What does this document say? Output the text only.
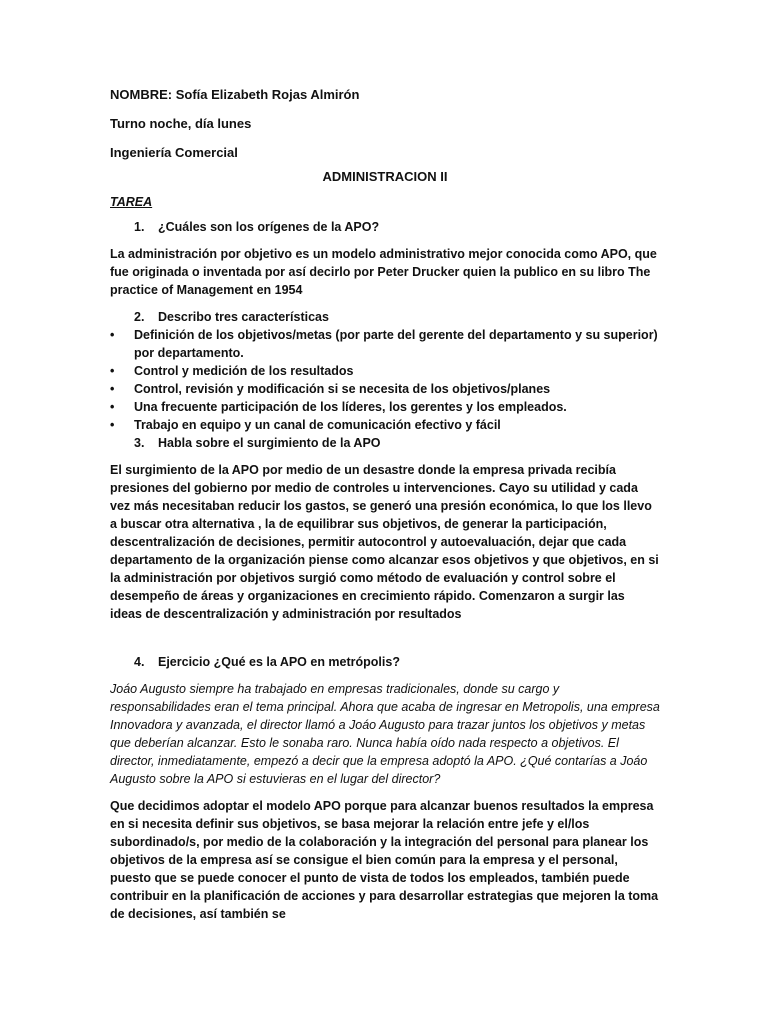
NOMBRE: Sofía Elizabeth Rojas Almirón

Turno noche, día lunes

Ingeniería Comercial

ADMINISTRACION II

TAREA

1. ¿Cuáles son los orígenes de la APO?

La administración por objetivo es un modelo administrativo mejor conocida como APO, que fue originada o inventada por así decirlo por Peter Drucker quien la publico en su libro The practice of Management en 1954

2. Describo tres características

•	Definición de los objetivos/metas (por parte del gerente del departamento y su superior) por departamento.
•	Control y medición de los resultados
•	Control, revisión y modificación si se necesita de los objetivos/planes
•	Una frecuente participación de los líderes, los gerentes y los empleados.
•	Trabajo en equipo y un canal de comunicación efectivo y fácil

3. Habla sobre el surgimiento de la APO

El surgimiento de la APO por medio de un desastre donde la empresa privada recibía presiones del gobierno por medio de controles u intervenciones. Cayo su utilidad y cada vez más necesitaban reducir los gastos, se generó una presión económica, lo que los llevo a buscar otra alternativa , la de equilibrar sus objetivos, de generar la participación, descentralización de decisiones, permitir autocontrol y autoevaluación, dejar que cada departamento de la organización piense como alcanzar esos objetivos y que objetivos, en si la administración por objetivos surgió como método de evaluación y control sobre el desempeño de áreas y organizaciones en crecimiento rápido. Comenzaron a surgir las ideas de descentralización y administración por resultados

4. Ejercicio ¿Qué es la APO en metrópolis?

Joáo Augusto siempre ha trabajado en empresas tradicionales, donde su cargo y responsabilidades eran el tema principal. Ahora que acaba de ingresar en Metropolis, una empresa Innovadora y avanzada, el director llamó a Joáo Augusto para trazar juntos los objetivos y metas que deberían alcanzar. Esto le sonaba raro. Nunca había oído nada respecto a objetivos. El director, inmediatamente, empezó a decir que la empresa adoptó la APO. ¿Qué contarías a Joáo Augusto sobre la APO si estuvieras en el lugar del director?

Que decidimos adoptar el modelo APO porque para alcanzar buenos resultados la empresa en si necesita definir sus objetivos, se basa mejorar la relación entre jefe y el/los subordinado/s, por medio de la colaboración y la integración del personal para planear los objetivos de la empresa así se consigue el bien común para la empresa y el personal, puesto que se puede conocer el punto de vista de todos los empleados, también puede contribuir en la planificación de acciones y para desarrollar estrategias que mejoren la toma de decisiones, así también se
